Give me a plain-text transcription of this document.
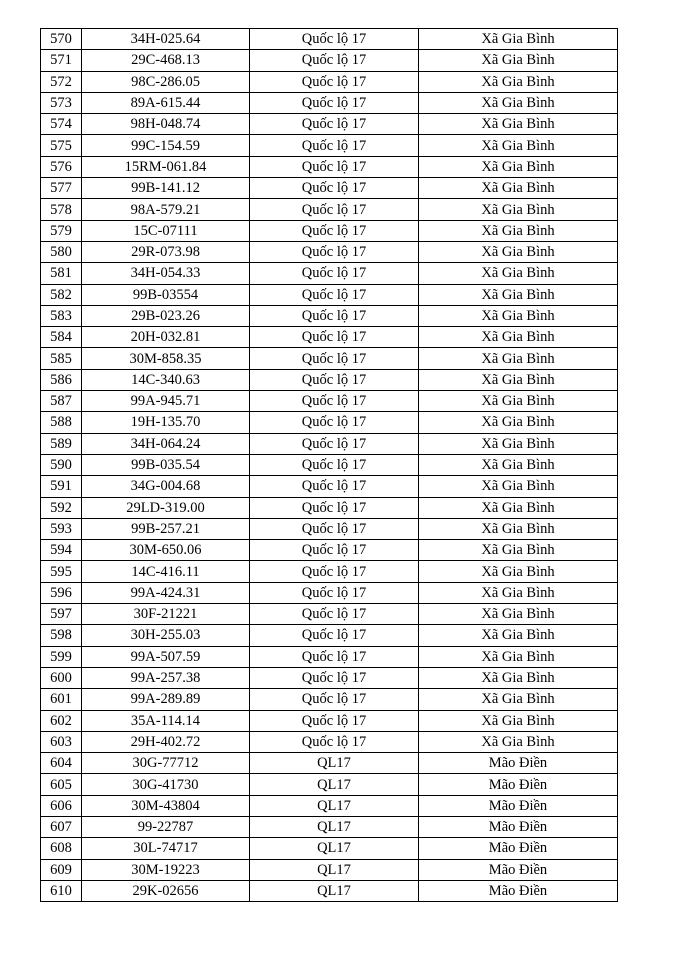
570	34H-025.64	Quốc lộ 17	Xã Gia Bình
571	29C-468.13	Quốc lộ 17	Xã Gia Bình
572	98C-286.05	Quốc lộ 17	Xã Gia Bình
573	89A-615.44	Quốc lộ 17	Xã Gia Bình
574	98H-048.74	Quốc lộ 17	Xã Gia Bình
575	99C-154.59	Quốc lộ 17	Xã Gia Bình
576	15RM-061.84	Quốc lộ 17	Xã Gia Bình
577	99B-141.12	Quốc lộ 17	Xã Gia Bình
578	98A-579.21	Quốc lộ 17	Xã Gia Bình
579	15C-07111	Quốc lộ 17	Xã Gia Bình
580	29R-073.98	Quốc lộ 17	Xã Gia Bình
581	34H-054.33	Quốc lộ 17	Xã Gia Bình
582	99B-03554	Quốc lộ 17	Xã Gia Bình
583	29B-023.26	Quốc lộ 17	Xã Gia Bình
584	20H-032.81	Quốc lộ 17	Xã Gia Bình
585	30M-858.35	Quốc lộ 17	Xã Gia Bình
586	14C-340.63	Quốc lộ 17	Xã Gia Bình
587	99A-945.71	Quốc lộ 17	Xã Gia Bình
588	19H-135.70	Quốc lộ 17	Xã Gia Bình
589	34H-064.24	Quốc lộ 17	Xã Gia Bình
590	99B-035.54	Quốc lộ 17	Xã Gia Bình
591	34G-004.68	Quốc lộ 17	Xã Gia Bình
592	29LD-319.00	Quốc lộ 17	Xã Gia Bình
593	99B-257.21	Quốc lộ 17	Xã Gia Bình
594	30M-650.06	Quốc lộ 17	Xã Gia Bình
595	14C-416.11	Quốc lộ 17	Xã Gia Bình
596	99A-424.31	Quốc lộ 17	Xã Gia Bình
597	30F-21221	Quốc lộ 17	Xã Gia Bình
598	30H-255.03	Quốc lộ 17	Xã Gia Bình
599	99A-507.59	Quốc lộ 17	Xã Gia Bình
600	99A-257.38	Quốc lộ 17	Xã Gia Bình
601	99A-289.89	Quốc lộ 17	Xã Gia Bình
602	35A-114.14	Quốc lộ 17	Xã Gia Bình
603	29H-402.72	Quốc lộ 17	Xã Gia Bình
604	30G-77712	QL17	Mão Điền
605	30G-41730	QL17	Mão Điền
606	30M-43804	QL17	Mão Điền
607	99-22787	QL17	Mão Điền
608	30L-74717	QL17	Mão Điền
609	30M-19223	QL17	Mão Điền
610	29K-02656	QL17	Mão Điền
